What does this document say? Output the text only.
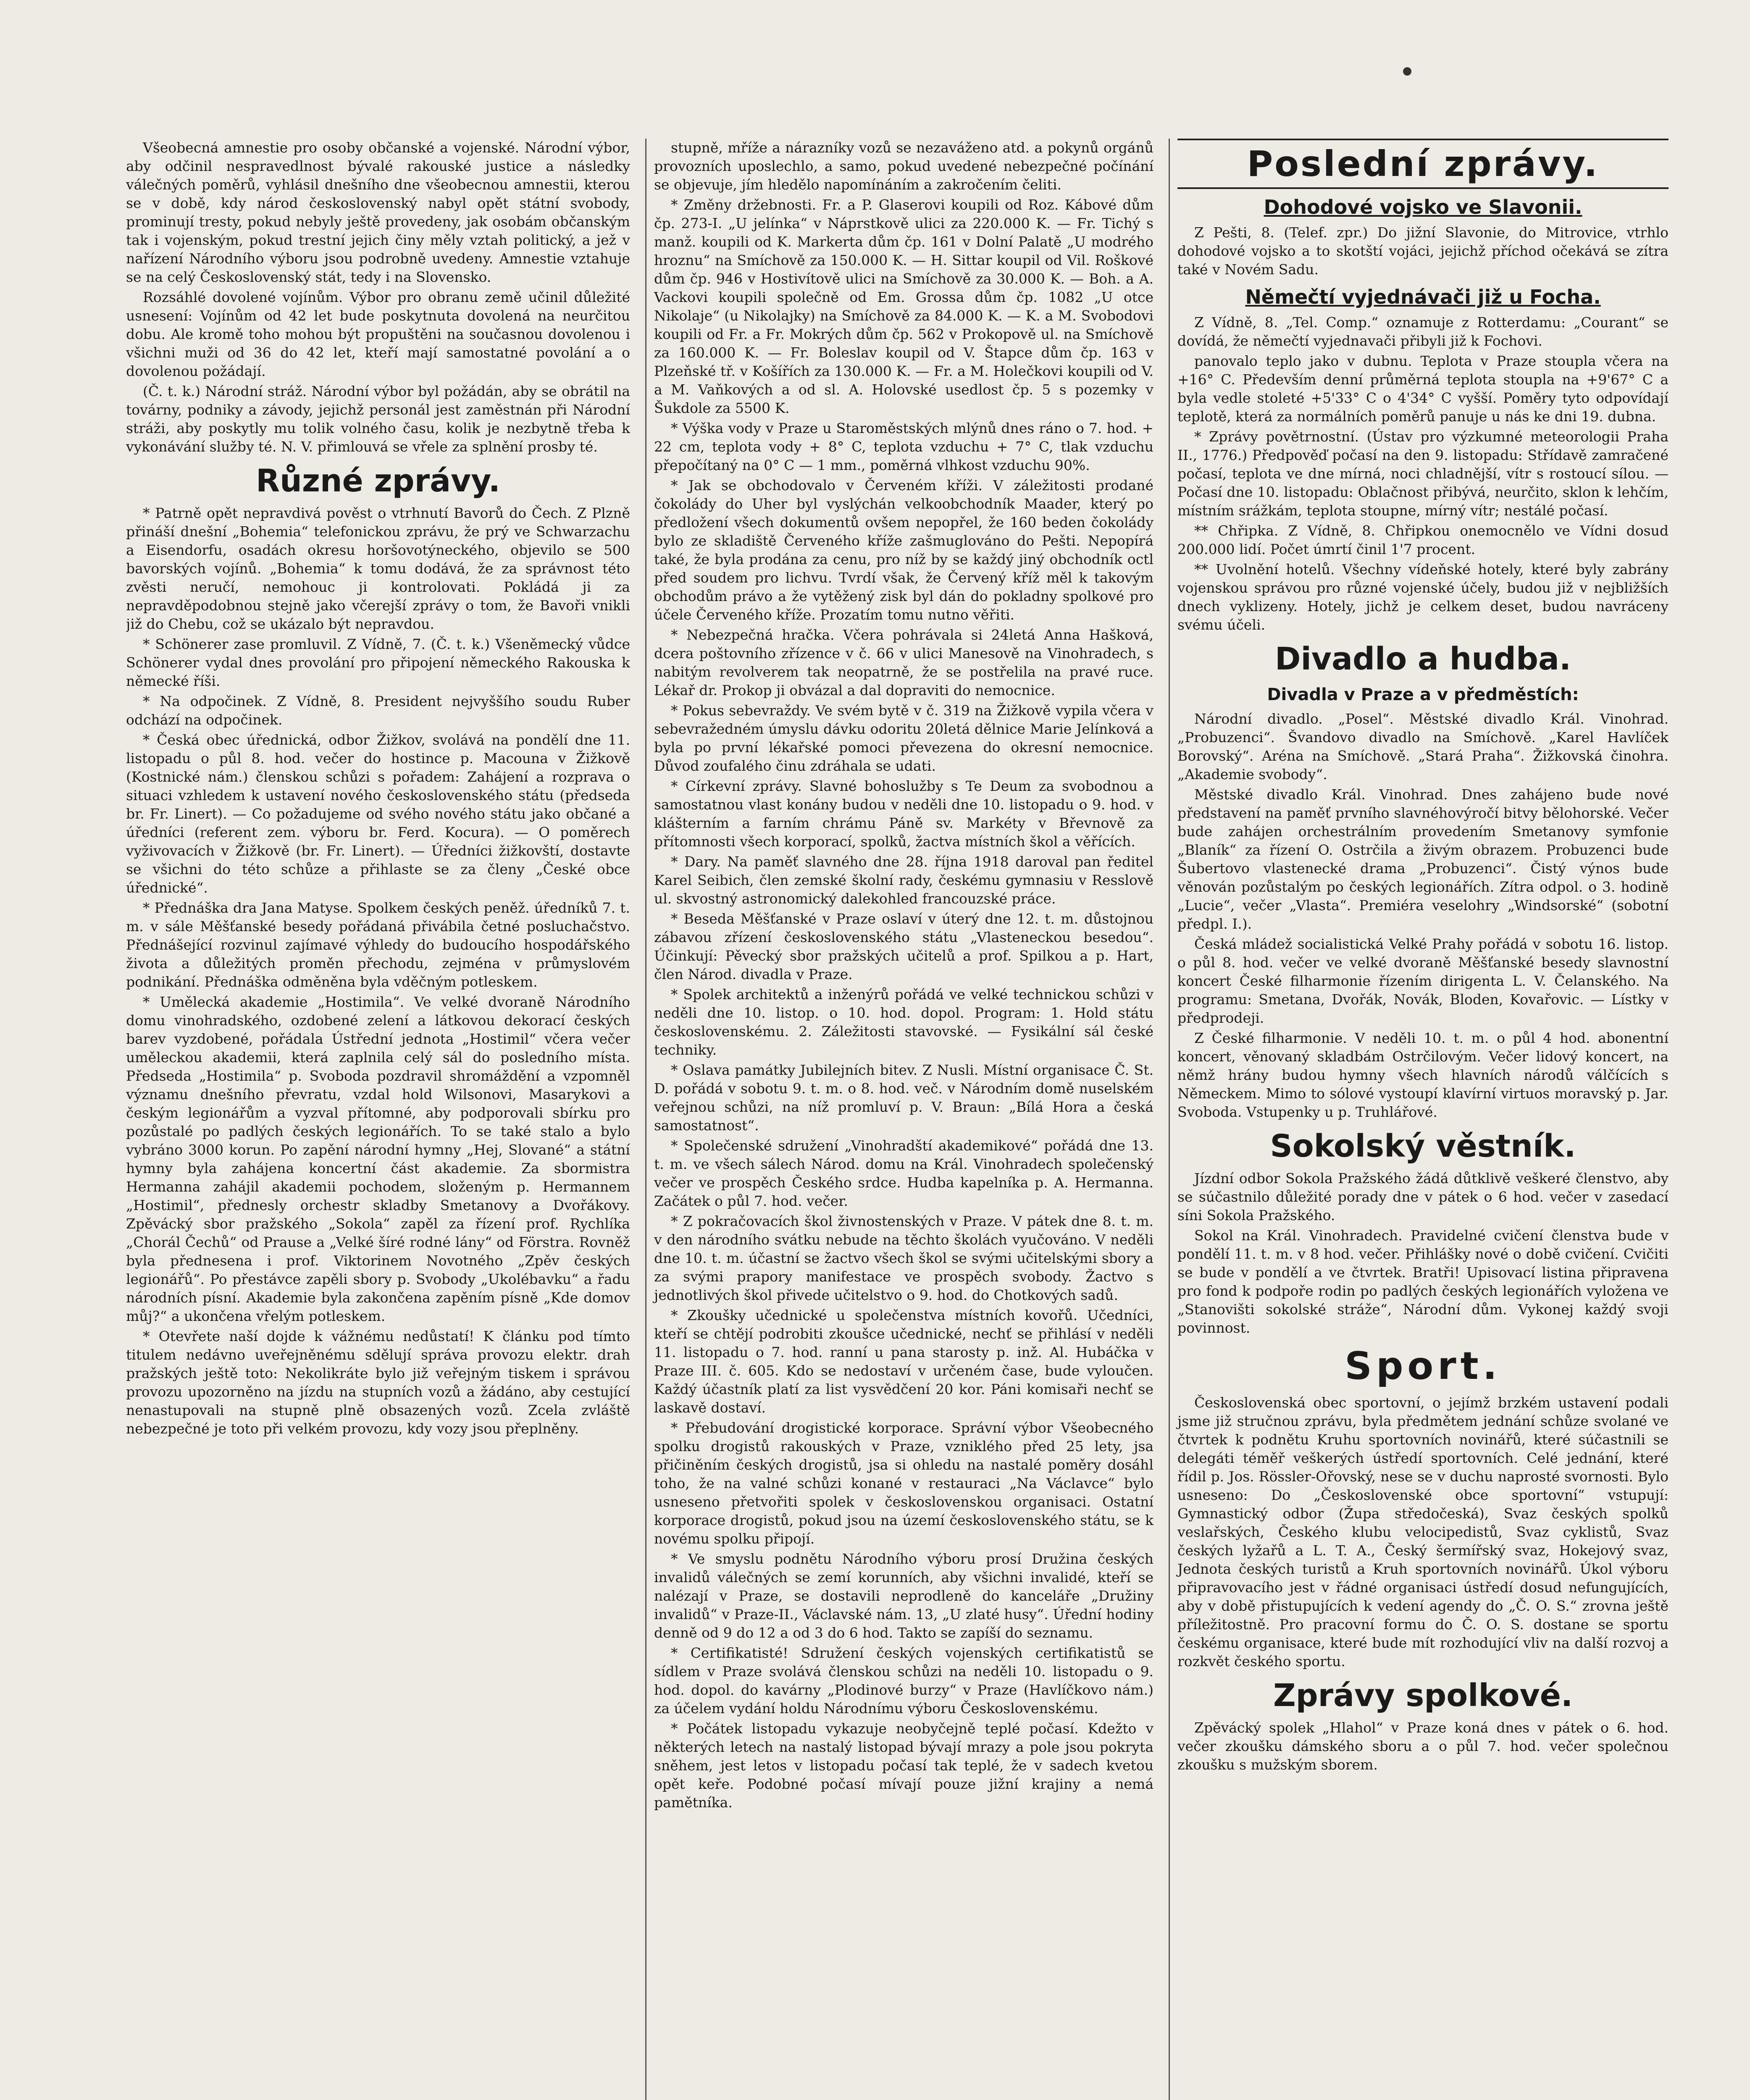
Všeobecná amnestie pro osoby občanské a vojenské. Národní výbor, aby odčinil nespravedlnost bývalé rakouské justice a následky válečných poměrů, vyhlásil dnešního dne všeobecnou amnestii, kterou se v době, kdy národ československý nabyl opět státní svobody, prominují tresty, pokud nebyly ještě provedeny, jak osobám občanským tak i vojenským, pokud trestní jejich činy měly vztah politický, a jež v nařízení Národního výboru jsou podrobně uvedeny. Amnestie vztahuje se na celý Československý stát, tedy i na Slovensko.

Rozsáhlé dovolené vojínům. Výbor pro obranu země učinil důležité usnesení: Vojínům od 42 let bude poskytnuta dovolená na neurčitou dobu. Ale kromě toho mohou být propuštěni na současnou dovolenou i všichni muži od 36 do 42 let, kteří mají samostatné povolání a o dovolenou požádají.

(Č. t. k.) Národní stráž. Národní výbor byl požádán, aby se obrátil na továrny, podniky a závody, jejichž personál jest zaměstnán při Národní stráži, aby poskytly mu tolik volného času, kolik je nezbytně třeba k vykonávání služby té. N. V. přimlouvá se vřele za splnění prosby té.

Různé zprávy.

* Patrně opět nepravdivá pověst o vtrhnutí Bavorů do Čech. Z Plzně přináší dnešní „Bohemia“ telefonickou zprávu, že prý ve Schwarzachu a Eisendorfu, osadách okresu horšovotýneckého, objevilo se 500 bavorských vojínů. „Bohemia“ k tomu dodává, že za správnost této zvěsti neručí, nemohouc ji kontrolovati. Pokládá ji za nepravděpodobnou stejně jako včerejší zprávy o tom, že Bavoři vnikli již do Chebu, což se ukázalo být nepravdou.

* Schönerer zase promluvil. Z Vídně, 7. (Č. t. k.) Všeněmecký vůdce Schönerer vydal dnes provolání pro připojení německého Rakouska k německé říši.

* Na odpočinek. Z Vídně, 8. President nejvyššího soudu Ruber odchází na odpočinek.

* Česká obec úřednická, odbor Žižkov, svolává na pondělí dne 11. listopadu o půl 8. hod. večer do hostince p. Macouna v Žižkově (Kostnické nám.) členskou schůzi s pořadem: Zahájení a rozprava o situaci vzhledem k ustavení nového československého státu (předseda br. Fr. Linert). — Co požadujeme od svého nového státu jako občané a úředníci (referent zem. výboru br. Ferd. Kocura). — O poměrech vyživovacích v Žižkově (br. Fr. Linert). — Úředníci žižkovští, dostavte se všichni do této schůze a přihlaste se za členy „České obce úřednické“.

* Přednáška dra Jana Matyse. Spolkem českých peněž. úředníků 7. t. m. v sále Měšťanské besedy pořádaná přivábila četné posluchačstvo. Přednášející rozvinul zajímavé výhledy do budoucího hospodářského života a důležitých proměn přechodu, zejména v průmyslovém podnikání. Přednáška odměněna byla vděčným potleskem.

* Umělecká akademie „Hostimila“. Ve velké dvoraně Národního domu vinohradského, ozdobené zelení a látkovou dekorací českých barev vyzdobené, pořádala Ústřední jednota „Hostimil“ včera večer uměleckou akademii, která zaplnila celý sál do posledního místa. Předseda „Hostimila“ p. Svoboda pozdravil shromáždění a vzpomněl významu dnešního převratu, vzdal hold Wilsonovi, Masarykovi a českým legionářům a vyzval přítomné, aby podporovali sbírku pro pozůstalé po padlých českých legionářích. To se také stalo a bylo vybráno 3000 korun. Po zapění národní hymny „Hej, Slované“ a státní hymny byla zahájena koncertní část akademie. Za sbormistra Hermanna zahájil akademii pochodem, složeným p. Hermannem „Hostimil“, přednesly orchestr skladby Smetanovy a Dvořákovy. Zpěvácký sbor pražského „Sokola“ zapěl za řízení prof. Rychlíka „Chorál Čechů“ od Prause a „Velké šíré rodné lány“ od Förstra. Rovněž byla přednesena i prof. Viktorinem Novotného „Zpěv českých legionářů“. Po přestávce zapěli sbory p. Svobody „Ukolébavku“ a řadu národních písní. Akademie byla zakončena zapěním písně „Kde domov můj?“ a ukončena vřelým potleskem.

* Otevřete naší dojde k vážnému nedůstatí! K článku pod tímto titulem nedávno uveřejněnému sdělují správa provozu elektr. drah pražských ještě toto: Nekolikráte bylo již veřejným tiskem i správou provozu upozorněno na jízdu na stupních vozů a žádáno, aby cestující nenastupovali na stupně plně obsazených vozů. Zcela zvláště nebezpečné je toto při velkém provozu, kdy vozy jsou přeplněny.

stupně, mříže a nárazníky vozů se nezaváženo atd. a pokynů orgánů provozních uposlechlo, a samo, pokud uvedené nebezpečné počínání se objevuje, jím hledělo napomínáním a zakročením čeliti.

* Změny držebnosti. Fr. a P. Glaserovi koupili od Roz. Kábové dům čp. 273-I. „U jelínka“ v Náprstkově ulici za 220.000 K. — Fr. Tichý s manž. koupili od K. Markerta dům čp. 161 v Dolní Palatě „U modrého hroznu“ na Smíchově za 150.000 K. — H. Sittar koupil od Vil. Roškové dům čp. 946 v Hostivítově ulici na Smíchově za 30.000 K. — Boh. a A. Vackovi koupili společně od Em. Grossa dům čp. 1082 „U otce Nikolaje“ (u Nikolajky) na Smíchově za 84.000 K. — K. a M. Svobodovi koupili od Fr. a Fr. Mokrých dům čp. 562 v Prokopově ul. na Smíchově za 160.000 K. — Fr. Boleslav koupil od V. Štapce dům čp. 163 v Plzeňské tř. v Košířích za 130.000 K. — Fr. a M. Holečkovi koupili od V. a M. Vaňkových a od sl. A. Holovské usedlost čp. 5 s pozemky v Šukdole za 5500 K.

* Výška vody v Praze u Staroměstských mlýnů dnes ráno o 7. hod. + 22 cm, teplota vody + 8° C, teplota vzduchu + 7° C, tlak vzduchu přepočítaný na 0° C — 1 mm., poměrná vlhkost vzduchu 90%.

* Jak se obchodovalo v Červeném kříži. V záležitosti prodané čokolády do Uher byl vyslýchán velkoobchodník Maader, který po předložení všech dokumentů ovšem nepopřel, že 160 beden čokolády bylo ze skladiště Červeného kříže zašmuglováno do Pešti. Nepopírá také, že byla prodána za cenu, pro níž by se každý jiný obchodník octl před soudem pro lichvu. Tvrdí však, že Červený kříž měl k takovým obchodům právo a že vytěžený zisk byl dán do pokladny spolkové pro účele Červeného kříže. Prozatím tomu nutno věřiti.

* Nebezpečná hračka. Včera pohrávala si 24letá Anna Hašková, dcera poštovního zřízence v č. 66 v ulici Manesově na Vinohradech, s nabitým revolverem tak neopatrně, že se postřelila na pravé ruce. Lékař dr. Prokop ji obvázal a dal dopraviti do nemocnice.

* Pokus sebevraždy. Ve svém bytě v č. 319 na Žižkově vypila včera v sebevražedném úmyslu dávku odoritu 20letá dělnice Marie Jelínková a byla po první lékařské pomoci převezena do okresní nemocnice. Důvod zoufalého činu zdráhala se udati.

* Církevní zprávy. Slavné bohoslužby s Te Deum za svobodnou a samostatnou vlast konány budou v neděli dne 10. listopadu o 9. hod. v klášterním a farním chrámu Páně sv. Markéty v Břevnově za přítomnosti všech korporací, spolků, žactva místních škol a věřících.

* Dary. Na paměť slavného dne 28. října 1918 daroval pan ředitel Karel Seibich, člen zemské školní rady, českému gymnasiu v Resslově ul. skvostný astronomický dalekohled francouzské práce.

* Beseda Měšťanské v Praze oslaví v úterý dne 12. t. m. důstojnou zábavou zřízení československého státu „Vlasteneckou besedou“. Účinkují: Pěvecký sbor pražských učitelů a prof. Spilkou a p. Hart, člen Národ. divadla v Praze.

* Spolek architektů a inženýrů pořádá ve velké technickou schůzi v neděli dne 10. listop. o 10. hod. dopol. Program: 1. Hold státu československému. 2. Záležitosti stavovské. — Fysikální sál české techniky.

* Oslava památky Jubilejních bitev. Z Nusli. Místní organisace Č. St. D. pořádá v sobotu 9. t. m. o 8. hod. več. v Národním domě nuselském veřejnou schůzi, na níž promluví p. V. Braun: „Bílá Hora a česká samostatnost“.

* Společenské sdružení „Vinohradští akademikové“ pořádá dne 13. t. m. ve všech sálech Národ. domu na Král. Vinohradech společenský večer ve prospěch Českého srdce. Hudba kapelníka p. A. Hermanna. Začátek o půl 7. hod. večer.

* Z pokračovacích škol živnostenských v Praze. V pátek dne 8. t. m. v den národního svátku nebude na těchto školách vyučováno. V neděli dne 10. t. m. účastní se žactvo všech škol se svými učitelskými sbory a za svými prapory manifestace ve prospěch svobody. Žactvo s jednotlivých škol přivede učitelstvo o 9. hod. do Chotkových sadů.

* Zkoušky učednické u společenstva místních kovořů. Učedníci, kteří se chtějí podrobiti zkoušce učednické, nechť se přihlásí v neděli 11. listopadu o 7. hod. ranní u pana starosty p. inž. Al. Hubáčka v Praze III. č. 605. Kdo se nedostaví v určeném čase, bude vyloučen. Každý účastník platí za list vysvědčení 20 kor. Páni komisaři nechť se laskavě dostaví.

* Přebudování drogistické korporace. Správní výbor Všeobecného spolku drogistů rakouských v Praze, vzniklého před 25 lety, jsa přičiněním českých drogistů, jsa si ohledu na nastalé poměry dosáhl toho, že na valné schůzi konané v restauraci „Na Václavce“ bylo usneseno přetvořiti spolek v československou organisaci. Ostatní korporace drogistů, pokud jsou na území československého státu, se k novému spolku připojí.

* Ve smyslu podnětu Národního výboru prosí Družina českých invalidů válečných se zemí korunních, aby všichni invalidé, kteří se nalézají v Praze, se dostavili neprodleně do kanceláře „Družiny invalidů“ v Praze-II., Václavské nám. 13, „U zlaté husy“. Úřední hodiny denně od 9 do 12 a od 3 do 6 hod. Takto se zapíší do seznamu.

* Certifikatisté! Sdružení českých vojenských certifikatistů se sídlem v Praze svolává členskou schůzi na neděli 10. listopadu o 9. hod. dopol. do kavárny „Plodinové burzy“ v Praze (Havlíčkovo nám.) za účelem vydání holdu Národnímu výboru Československému.

* Počátek listopadu vykazuje neobyčejně teplé počasí. Kdežto v některých letech na nastalý listopad bývají mrazy a pole jsou pokryta sněhem, jest letos v listopadu počasí tak teplé, že v sadech kvetou opět keře. Podobné počasí mívají pouze jižní krajiny a nemá pamětníka.

Poslední zprávy.
Dohodové vojsko ve Slavonii.

Z Pešti, 8. (Telef. zpr.) Do jižní Slavonie, do Mitrovice, vtrhlo dohodové vojsko a to skotští vojáci, jejichž příchod očekává se zítra také v Novém Sadu.

Němečtí vyjednávači již u Focha.

Z Vídně, 8. „Tel. Comp.“ oznamuje z Rotterdamu: „Courant“ se dovídá, že němečtí vyjednavači přibyli již k Fochovi.

panovalo teplo jako v dubnu. Teplota v Praze stoupla včera na +16° C. Především denní průměrná teplota stoupla na +9'67° C a byla vedle stoleté +5'33° C o 4'34° C vyšší. Poměry tyto odpovídají teplotě, která za normálních poměrů panuje u nás ke dni 19. dubna.

* Zprávy povětrnostní. (Ústav pro výzkumné meteorologii Praha II., 1776.) Předpověď počasí na den 9. listopadu: Střídavě zamračené počasí, teplota ve dne mírná, noci chladnější, vítr s rostoucí sílou. — Počasí dne 10. listopadu: Oblačnost přibývá, neurčito, sklon k lehčím, místním srážkám, teplota stoupne, mírný vítr; nestálé počasí.

** Chřipka. Z Vídně, 8. Chřipkou onemocnělo ve Vídni dosud 200.000 lidí. Počet úmrtí činil 1'7 procent.

** Uvolnění hotelů. Všechny vídeňské hotely, které byly zabrány vojenskou správou pro různé vojenské účely, budou již v nejbližších dnech vyklizeny. Hotely, jichž je celkem deset, budou navráceny svému účeli.

Divadlo a hudba.
Divadla v Praze a v předměstích:

Národní divadlo. „Posel“. Městské divadlo Král. Vinohrad. „Probuzenci“. Švandovo divadlo na Smíchově. „Karel Havlíček Borovský“. Aréna na Smíchově. „Stará Praha“. Žižkovská činohra. „Akademie svobody“.

Městské divadlo Král. Vinohrad. Dnes zahájeno bude nové představení na paměť prvního slavnéhovýročí bitvy bělohorské. Večer bude zahájen orchestrálním provedením Smetanovy symfonie „Blaník“ za řízení O. Ostrčila a živým obrazem. Probuzenci bude Šubertovo vlastenecké drama „Probuzenci“. Čistý výnos bude věnován pozůstalým po českých legionářích. Zítra odpol. o 3. hodině „Lucie“, večer „Vlasta“. Premiéra veselohry „Windsorské“ (sobotní předpl. I.).

Česká mládež socialistická Velké Prahy pořádá v sobotu 16. listop. o půl 8. hod. večer ve velké dvoraně Měšťanské besedy slavnostní koncert České filharmonie řízením dirigenta L. V. Čelanského. Na programu: Smetana, Dvořák, Novák, Bloden, Kovařovic. — Lístky v předprodeji.

Z České filharmonie. V neděli 10. t. m. o půl 4 hod. abonentní koncert, věnovaný skladbám Ostrčilovým. Večer lidový koncert, na němž hrány budou hymny všech hlavních národů válčících s Německem. Mimo to sólové vystoupí klavírní virtuos moravský p. Jar. Svoboda. Vstupenky u p. Truhlářové.

Sokolský věstník.

Jízdní odbor Sokola Pražského žádá důtklivě veškeré členstvo, aby se súčastnilo důležité porady dne v pátek o 6 hod. večer v zasedací síni Sokola Pražského.

Sokol na Král. Vinohradech. Pravidelné cvičení členstva bude v pondělí 11. t. m. v 8 hod. večer. Přihlášky nové o době cvičení. Cvičiti se bude v pondělí a ve čtvrtek. Bratři! Upisovací listina připravena pro fond k podpoře rodin po padlých českých legionářích vyložena ve „Stanovišti sokolské stráže“, Národní dům. Vykonej každý svoji povinnost.

Sport.

Československá obec sportovní, o jejímž brzkém ustavení podali jsme již stručnou zprávu, byla předmětem jednání schůze svolané ve čtvrtek k podnětu Kruhu sportovních novinářů, které súčastnili se delegáti téměř veškerých ústředí sportovních. Celé jednání, které řídil p. Jos. Rössler-Ořovský, nese se v duchu naprosté svornosti. Bylo usneseno: Do „Československé obce sportovní“ vstupují: Gymnastický odbor (Župa středočeská), Svaz českých spolků veslařských, Českého klubu velocipedistů, Svaz cyklistů, Svaz českých lyžařů a L. T. A., Český šermířský svaz, Hokejový svaz, Jednota českých turistů a Kruh sportovních novinářů. Úkol výboru připravovacího jest v řádné organisaci ústředí dosud nefungujících, aby v době přistupujících k vedení agendy do „Č. O. S.“ zrovna ještě příležitostně. Pro pracovní formu do Č. O. S. dostane se sportu českému organisace, které bude mít rozhodující vliv na další rozvoj a rozkvět českého sportu.

Zprávy spolkové.

Zpěvácký spolek „Hlahol“ v Praze koná dnes v pátek o 6. hod. večer zkoušku dámského sboru a o půl 7. hod. večer společnou zkoušku s mužským sborem.
